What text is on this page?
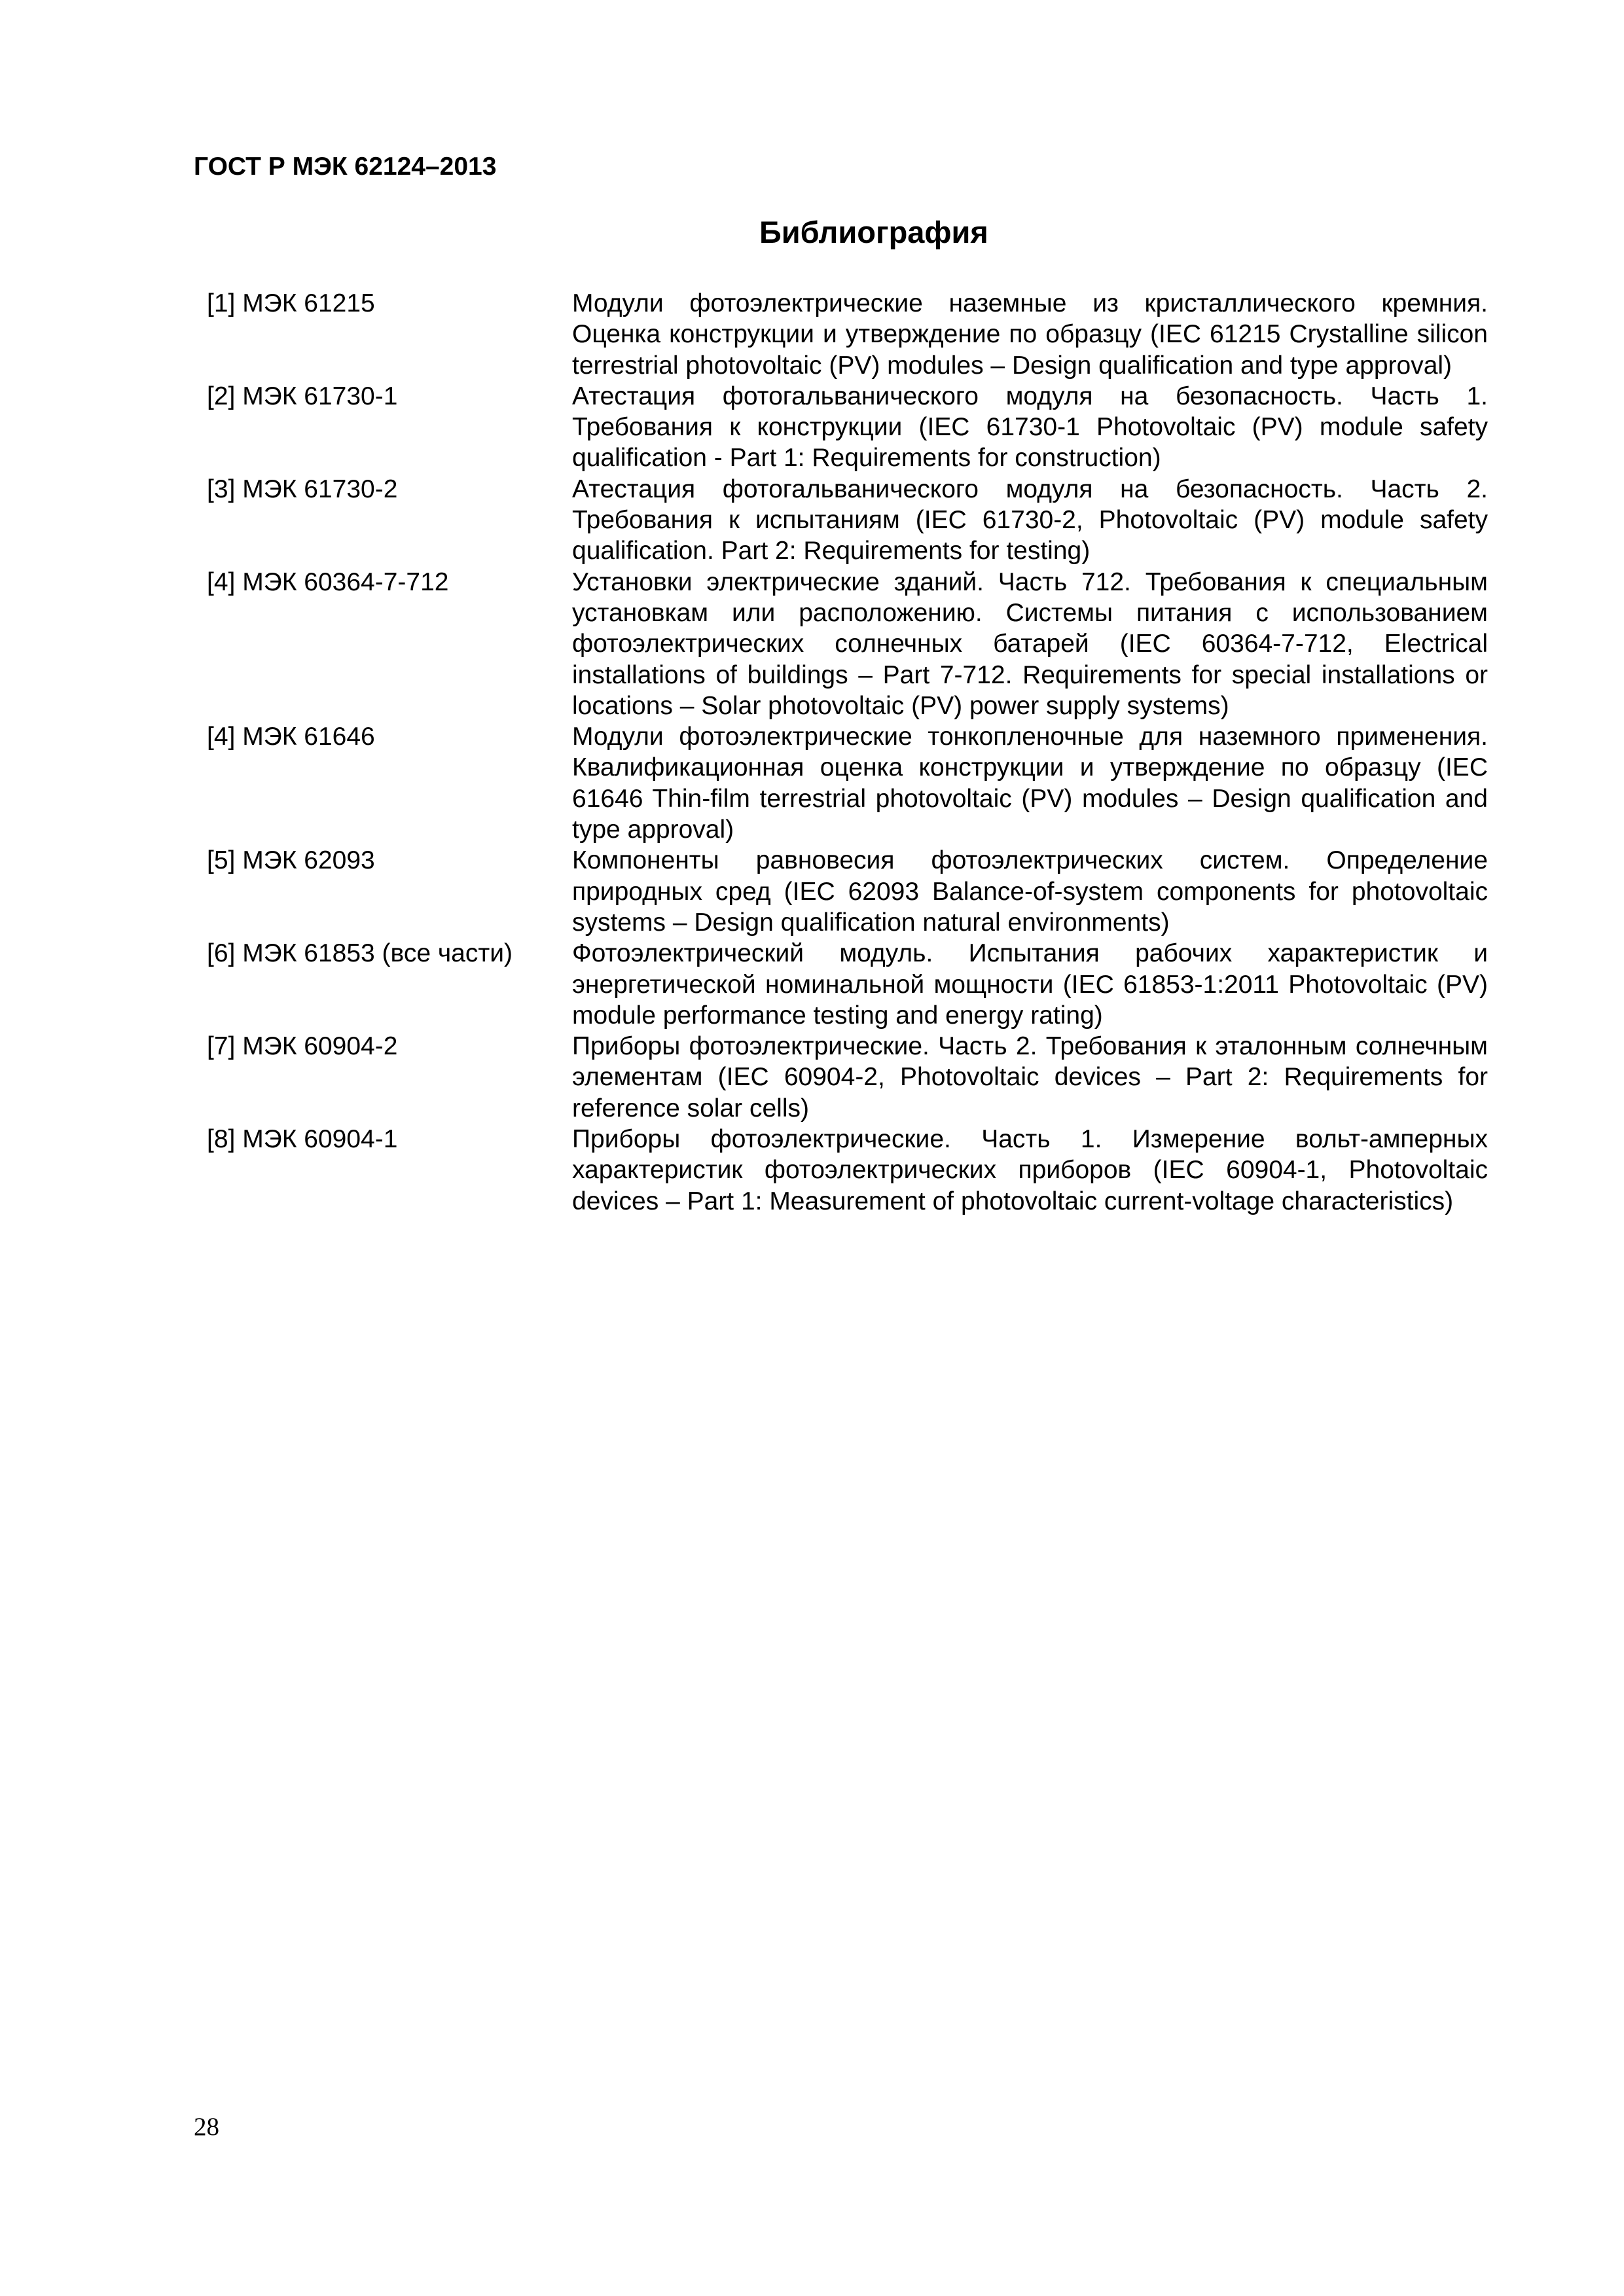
ГОСТ Р МЭК 62124–2013
Библиография
[1] МЭК 61215	Модули фотоэлектрические наземные из кристаллического кремния. Оценка конструкции и утверждение по образцу (IEC 61215 Crystalline silicon terrestrial photovoltaic (PV) modules – Design qualification and type approval)
[2] МЭК 61730-1	Атестация фотогальванического модуля на безопасность. Часть 1. Требования к конструкции (IEC 61730-1 Photovoltaic (PV) module safety qualification - Part 1: Requirements for construction)
[3] МЭК 61730-2	Атестация фотогальванического модуля на безопасность. Часть 2. Требования к испытаниям (IEC 61730-2, Photovoltaic (PV) module safety qualification. Part 2: Requirements for testing)
[4] МЭК 60364-7-712	Установки электрические зданий. Часть 712. Требования к специальным установкам или расположению. Системы питания с использованием фотоэлектрических солнечных батарей (IEC 60364-7-712, Electrical installations of buildings – Part 7-712. Requirements for special installations or locations – Solar photovoltaic (PV) power supply systems)
[4] МЭК 61646	Модули фотоэлектрические тонкопленочные для наземного применения. Квалификационная оценка конструкции и утверждение по образцу (IEC 61646 Thin-film terrestrial photovoltaic (PV) modules – Design qualification and type approval)
[5] МЭК 62093	Компоненты равновесия фотоэлектрических систем. Определение природных сред (IEC 62093 Balance-of-system components for photovoltaic systems – Design qualification natural environments)
[6] МЭК 61853 (все части)	Фотоэлектрический модуль. Испытания рабочих характеристик и энергетической номинальной мощности (IEC 61853-1:2011 Photovoltaic (PV) module performance testing and energy rating)
[7] МЭК 60904-2	Приборы фотоэлектрические. Часть 2. Требования к эталонным солнечным элементам (IEC 60904-2, Photovoltaic devices – Part 2: Requirements for reference solar cells)
[8] МЭК 60904-1	Приборы фотоэлектрические. Часть 1. Измерение вольт-амперных характеристик фотоэлектрических приборов (IEC 60904-1, Photovoltaic devices – Part 1: Measurement of photovoltaic current-voltage characteristics)
28
